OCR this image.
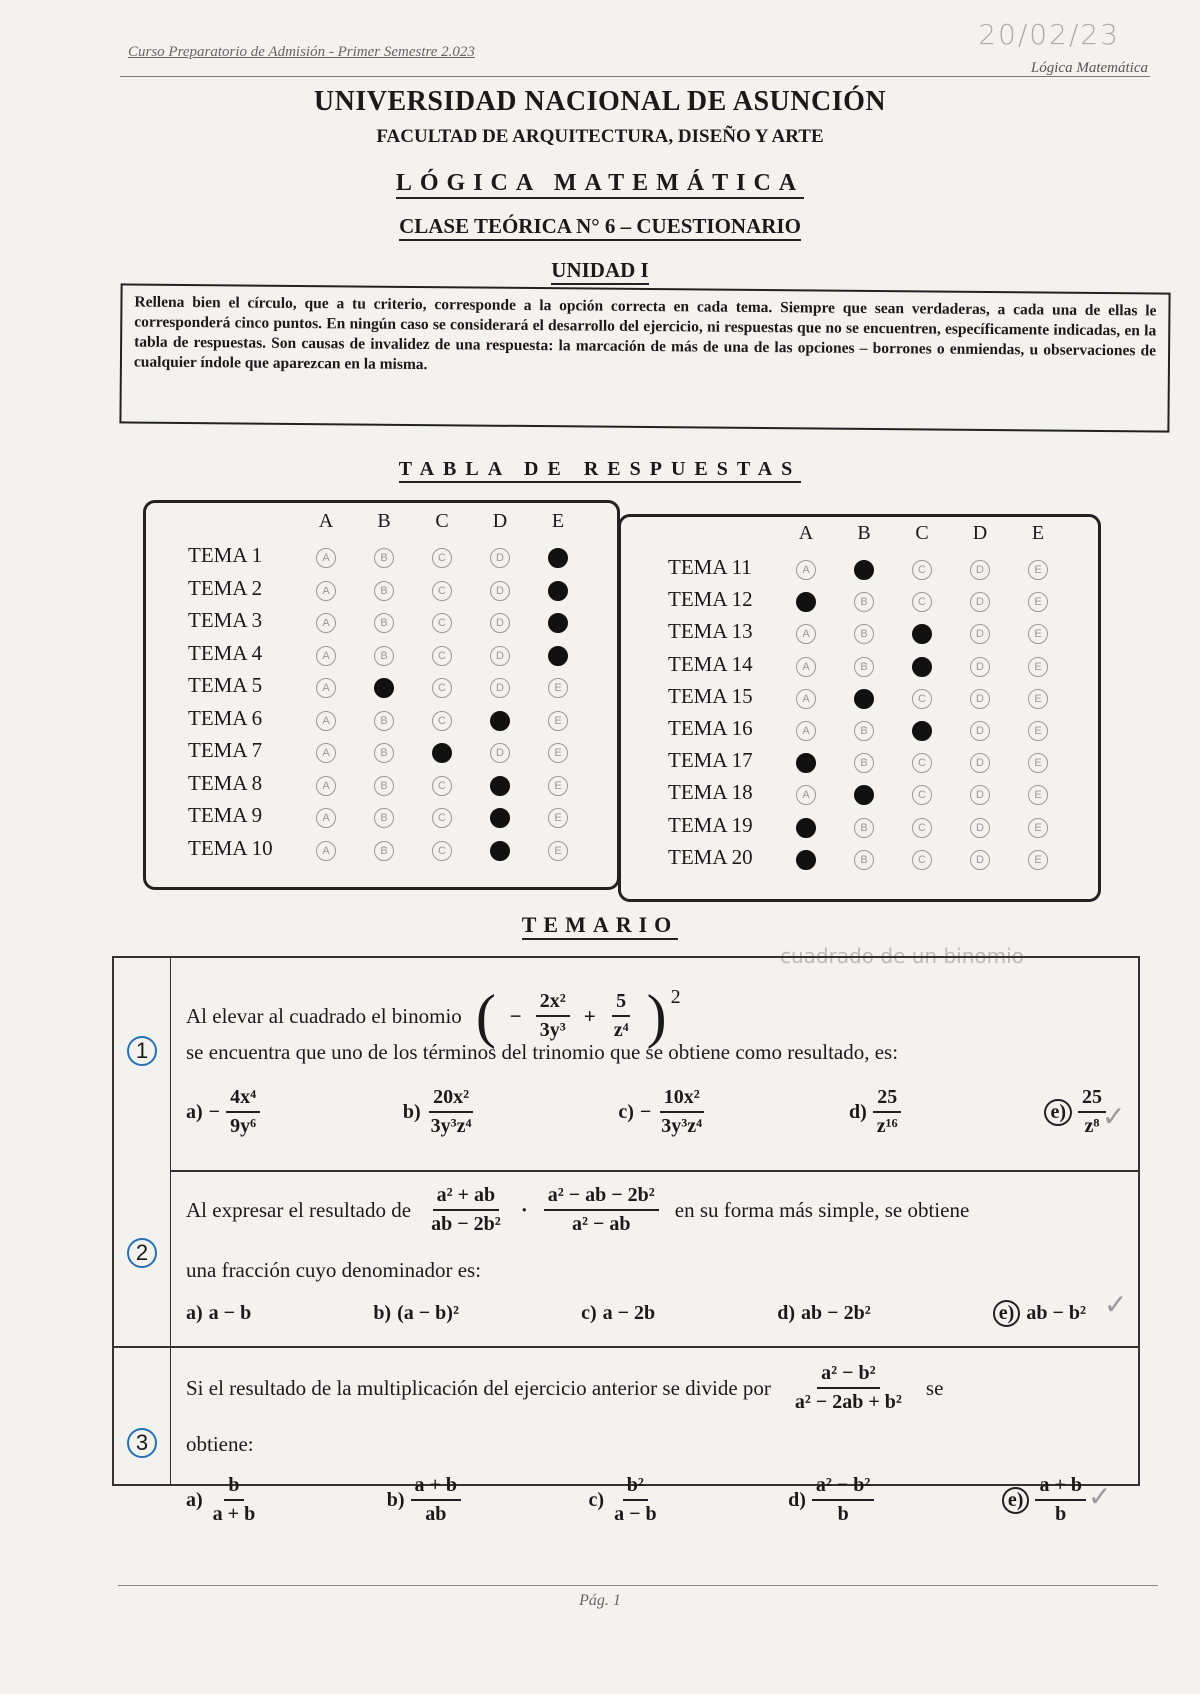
Curso Preparatorio de Admisión - Primer Semestre 2.023
Lógica Matemática
20/02/23
UNIVERSIDAD NACIONAL DE ASUNCIÓN
FACULTAD DE ARQUITECTURA, DISEÑO Y ARTE
LÓGICA MATEMÁTICA
CLASE TEÓRICA N° 6 – CUESTIONARIO
UNIDAD I
Rellena bien el círculo, que a tu criterio, corresponde a la opción correcta en cada tema. Siempre que sean verdaderas, a cada una de ellas le corresponderá cinco puntos. En ningún caso se considerará el desarrollo del ejercicio, ni respuestas que no se encuentren, específicamente indicadas, en la tabla de respuestas. Son causas de invalidez de una respuesta: la marcación de más de una de las opciones – borrones o enmiendas, u observaciones de cualquier índole que aparezcan en la misma.
TABLA DE RESPUESTAS
A	B	C	D	E
TEMA 1	A	B	C	D	E
TEMA 2	A	B	C	D	E
TEMA 3	A	B	C	D	E
TEMA 4	A	B	C	D	E
TEMA 5	A	B	C	D	E
TEMA 6	A	B	C	D	E
TEMA 7	A	B	C	D	E
TEMA 8	A	B	C	D	E
TEMA 9	A	B	C	D	E
TEMA 10	A	B	C	D	E
A	B	C	D	E
TEMA 11	A	B	C	D	E
TEMA 12	A	B	C	D	E
TEMA 13	A	B	C	D	E
TEMA 14	A	B	C	D	E
TEMA 15	A	B	C	D	E
TEMA 16	A	B	C	D	E
TEMA 17	A	B	C	D	E
TEMA 18	A	B	C	D	E
TEMA 19	A	B	C	D	E
TEMA 20	A	B	C	D	E
TEMARIO
cuadrado de un binomio
1
Al elevar al cuadrado el binomio ( − $\frac{\text{2x²}}{\text{3y³}} + \frac{5}{\text{z⁴}}$ ) 2
se encuentra que uno de los términos del trinomio que se obtiene como resultado, es:
$a) - \frac{\text{4x⁴}}{\text{9y⁶}}$	$b) \frac{\text{20x²}}{\text{3y³z⁴}}$	$c) - \frac{\text{10x²}}{\text{3y³z⁴}}$	$d) \frac{25}{\text{z¹⁶}}$	$e) \frac{25}{\text{z⁸}}$
✓
2
Al expresar el resultado de $\frac{\text{a² + ab}}{\text{ab − 2b²}} \cdot \frac{\text{a² − ab − 2b²}}{\text{a² − ab}}$ en su forma más simple, se obtiene
una fracción cuyo denominador es:
a) a − b	b) (a − b)²	c) a − 2b	d) ab − 2b²	e) ab − b² ✓
3
Si el resultado de la multiplicación del ejercicio anterior se divide por $\frac{\text{a² − b²}}{\text{a² − 2ab + b²}}$ se
obtiene:
$a) \frac{b}{a + b}$	$b) \frac{a + b}{ab}$	$c) \frac{\text{b²}}{a - b}$	$d) \frac{\text{a² − b²}}{b}$	$e) \frac{a + b}{b}$ ✓
Pág. 1
